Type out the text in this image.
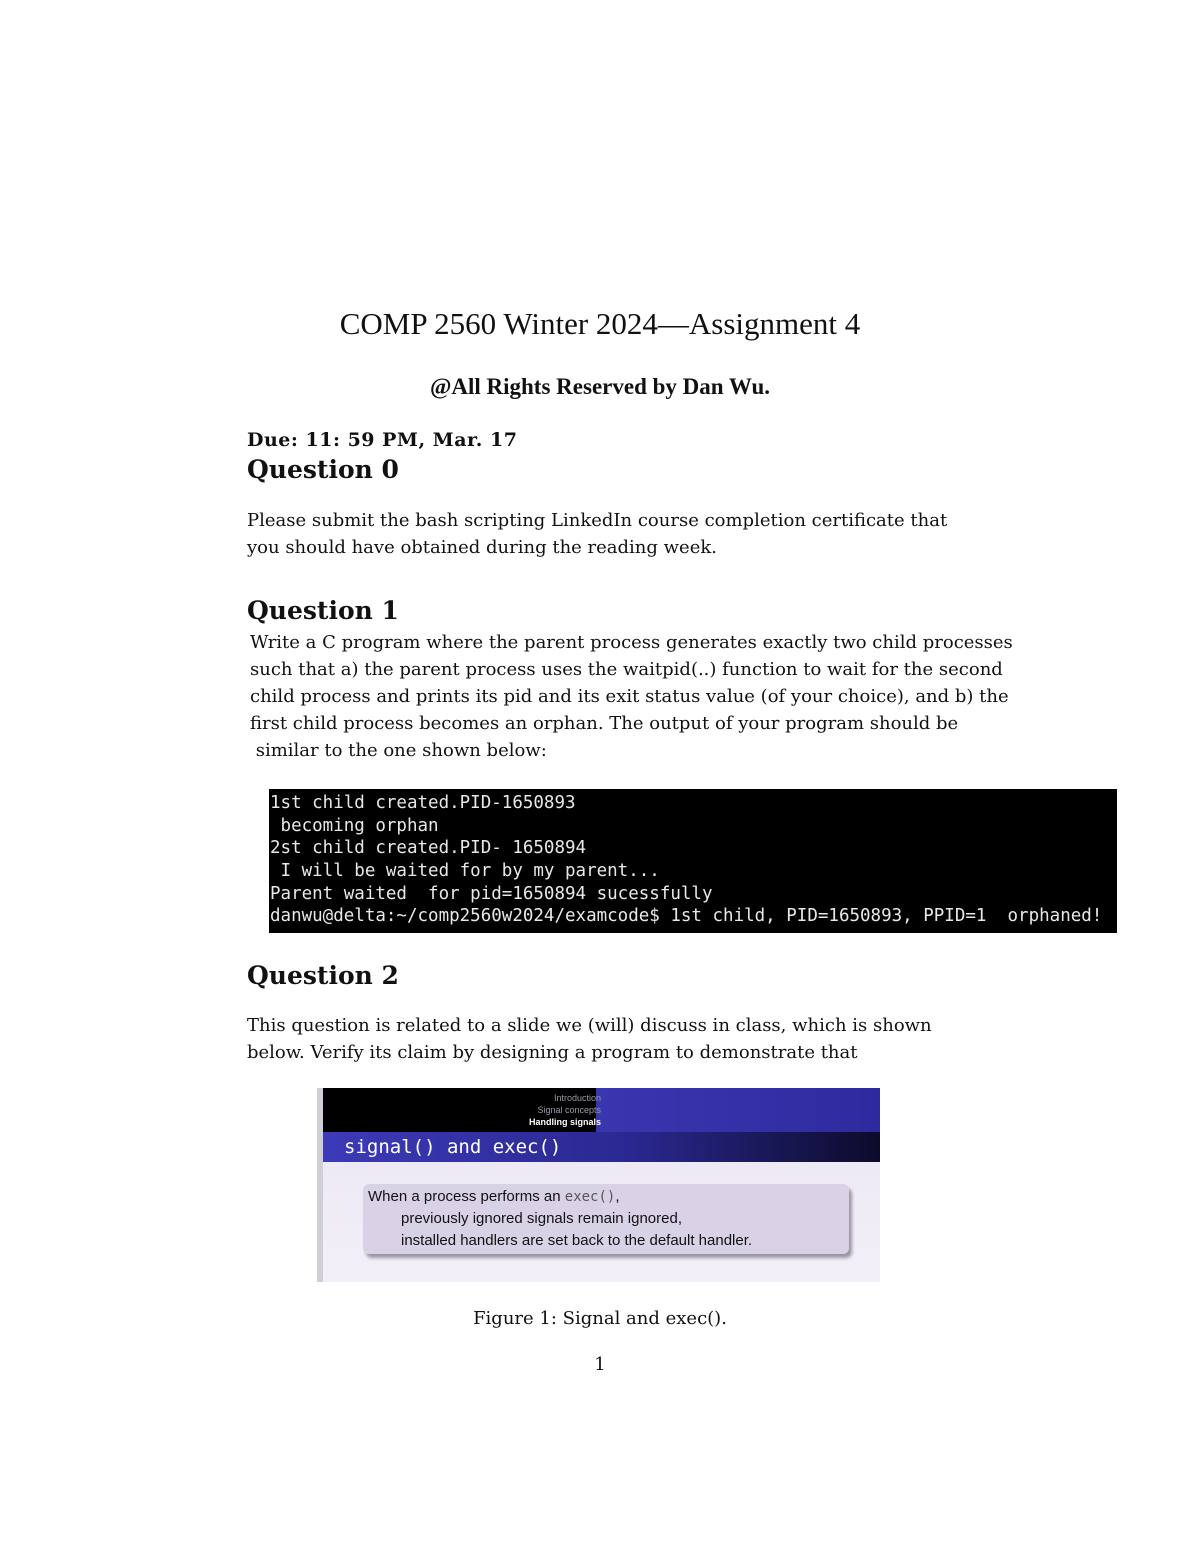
COMP 2560 Winter 2024—Assignment 4
@All Rights Reserved by Dan Wu.
Due: 11: 59 PM, Mar. 17
Question 0

Please submit the bash scripting LinkedIn course completion certificate that

you should have obtained during the reading week.

Question 1

Write a C program where the parent process generates exactly two child processes

such that a) the parent process uses the waitpid(..) function to wait for the second

child process and prints its pid and its exit status value (of your choice), and b) the

first child process becomes an orphan. The output of your program should be

similar to the one shown below:

1st child created.PID-1650893
becoming orphan
2st child created.PID- 1650894
I will be waited for by my parent...
Parent waited  for pid=1650894 sucessfully
danwu@delta:~/comp2560w2024/examcode$ 1st child, PID=1650893, PPID=1  orphaned!
Question 2

This question is related to a slide we (will) discuss in class, which is shown

below. Verify its claim by designing a program to demonstrate that

Introduction
Signal concepts
Handling signals
signal() and exec()
When a process performs an exec(),
previously ignored signals remain ignored,
installed handlers are set back to the default handler.
Figure 1: Signal and exec().
1
